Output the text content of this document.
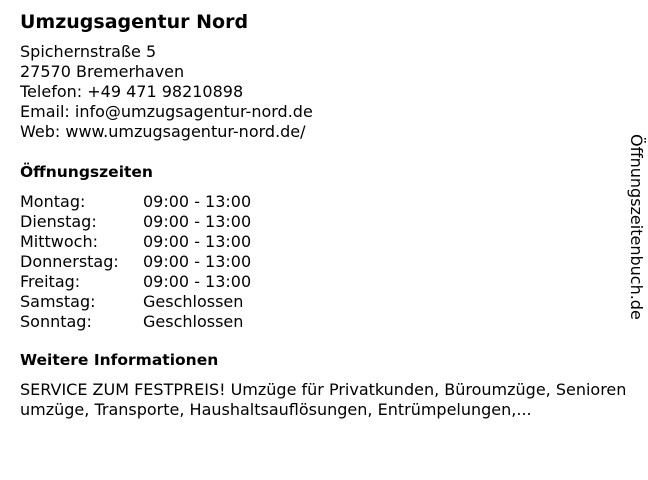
Umzugsagentur Nord
Spichernstraße 5
27570 Bremerhaven
Telefon: +49 471 98210898
Email: info@umzugsagentur-nord.de
Web: www.umzugsagentur-nord.de/
Öffnungszeiten
Montag:	09:00 - 13:00
Dienstag:	09:00 - 13:00
Mittwoch:	09:00 - 13:00
Donnerstag:	09:00 - 13:00
Freitag:	09:00 - 13:00
Samstag:	Geschlossen
Sonntag:	Geschlossen
Weitere Informationen
SERVICE ZUM FESTPREIS! Umzüge für Privatkunden, Büroumzüge, Seniorenumzüge, Transporte, Haushaltsauflösungen, Entrümpelungen,...
Öffnungszeitenbuch.de
